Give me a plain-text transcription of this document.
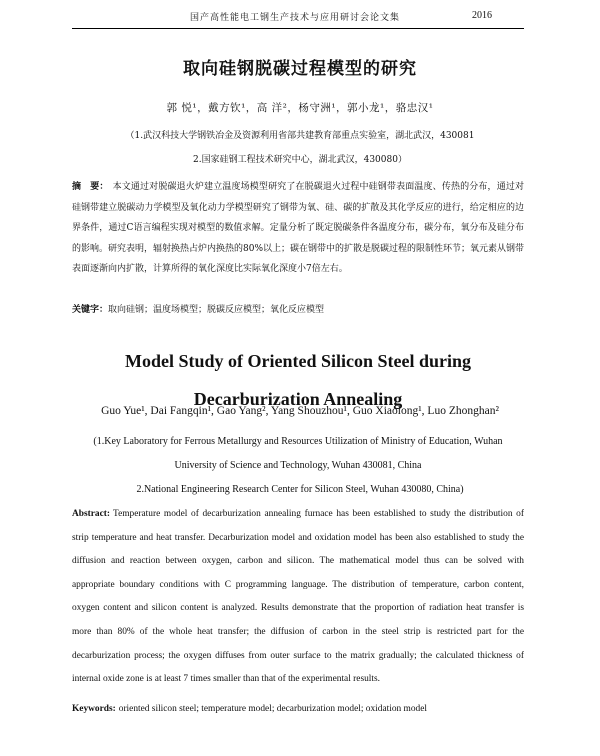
国产高性能电工钢生产技术与应用研讨会论文集	2016
取向硅钢脱碳过程模型的研究
郭 悦¹，戴方钦¹，高 洋²，杨守洲¹，郭小龙¹，骆忠汉¹
（1.武汉科技大学钢铁冶金及资源利用省部共建教育部重点实验室，湖北武汉，430081
2.国家硅钢工程技术研究中心，湖北武汉，430080）
摘　要： 本文通过对脱碳退火炉建立温度场模型研究了在脱碳退火过程中硅钢带表面温度、传热的分布，通过对硅钢带建立脱碳动力学模型及氧化动力学模型研究了钢带为氧、硅、碳的扩散及其化学反应的进行，给定相应的边界条件，通过C语言编程实现对模型的数值求解。定量分析了既定脱碳条件各温度分布，碳分布，氧分布及硅分布的影响。研究表明，辐射换热占炉内换热的80%以上；碳在钢带中的扩散是脱碳过程的限制性环节；氧元素从钢带表面逐渐向内扩散，计算所得的氧化深度比实际氧化深度小7倍左右。
关键字：取向硅钢；温度场模型；脱碳反应模型；氧化反应模型
Model Study of Oriented Silicon Steel during Decarburization Annealing
Guo Yue¹, Dai Fangqin¹, Gao Yang², Yang Shouzhou¹, Guo Xiaolong¹, Luo Zhonghan²
(1.Key Laboratory for Ferrous Metallurgy and Resources Utilization of Ministry of Education, Wuhan University of Science and Technology, Wuhan 430081, China
2.National Engineering Research Center for Silicon Steel, Wuhan 430080, China)
Abstract: Temperature model of decarburization annealing furnace has been established to study the distribution of strip temperature and heat transfer. Decarburization model and oxidation model has been also established to study the diffusion and reaction between oxygen, carbon and silicon. The mathematical model thus can be solved with appropriate boundary conditions with C programming language. The distribution of temperature, carbon content, oxygen content and silicon content is analyzed. Results demonstrate that the proportion of radiation heat transfer is more than 80% of the whole heat transfer; the diffusion of carbon in the steel strip is restricted part for the decarburization process; the oxygen diffuses from outer surface to the matrix gradually; the calculated thickness of internal oxide zone is at least 7 times smaller than that of the experimental results.
Keywords: oriented silicon steel; temperature model; decarburization model; oxidation model
